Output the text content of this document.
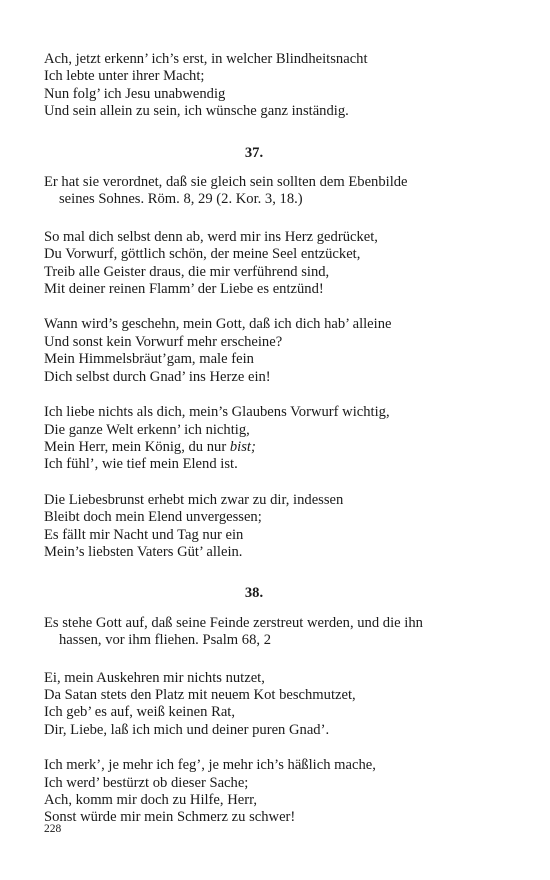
Ach, jetzt erkenn’ ich’s erst, in welcher Blindheitsnacht
Ich lebte unter ihrer Macht;
Nun folg’ ich Jesu unabwendig
Und sein allein zu sein, ich wünsche ganz inständig.
37.
Er hat sie verordnet, daß sie gleich sein sollten dem Ebenbilde
seines Sohnes. Röm. 8, 29 (2. Kor. 3, 18.)
So mal dich selbst denn ab, werd mir ins Herz gedrücket,
Du Vorwurf, göttlich schön, der meine Seel entzücket,
Treib alle Geister draus, die mir verführend sind,
Mit deiner reinen Flamm’ der Liebe es entzünd!
Wann wird’s geschehn, mein Gott, daß ich dich hab’ alleine
Und sonst kein Vorwurf mehr erscheine?
Mein Himmelsbräut’gam, male fein
Dich selbst durch Gnad’ ins Herze ein!
Ich liebe nichts als dich, mein’s Glaubens Vorwurf wichtig,
Die ganze Welt erkenn’ ich nichtig,
Mein Herr, mein König, du nur bist;
Ich fühl’, wie tief mein Elend ist.
Die Liebesbrunst erhebt mich zwar zu dir, indessen
Bleibt doch mein Elend unvergessen;
Es fällt mir Nacht und Tag nur ein
Mein’s liebsten Vaters Güt’ allein.
38.
Es stehe Gott auf, daß seine Feinde zerstreut werden, und die ihn
hassen, vor ihm fliehen. Psalm 68, 2
Ei, mein Auskehren mir nichts nutzet,
Da Satan stets den Platz mit neuem Kot beschmutzet,
Ich geb’ es auf, weiß keinen Rat,
Dir, Liebe, laß ich mich und deiner puren Gnad’.
Ich merk’, je mehr ich feg’, je mehr ich’s häßlich mache,
Ich werd’ bestürzt ob dieser Sache;
Ach, komm mir doch zu Hilfe, Herr,
Sonst würde mir mein Schmerz zu schwer!
228
